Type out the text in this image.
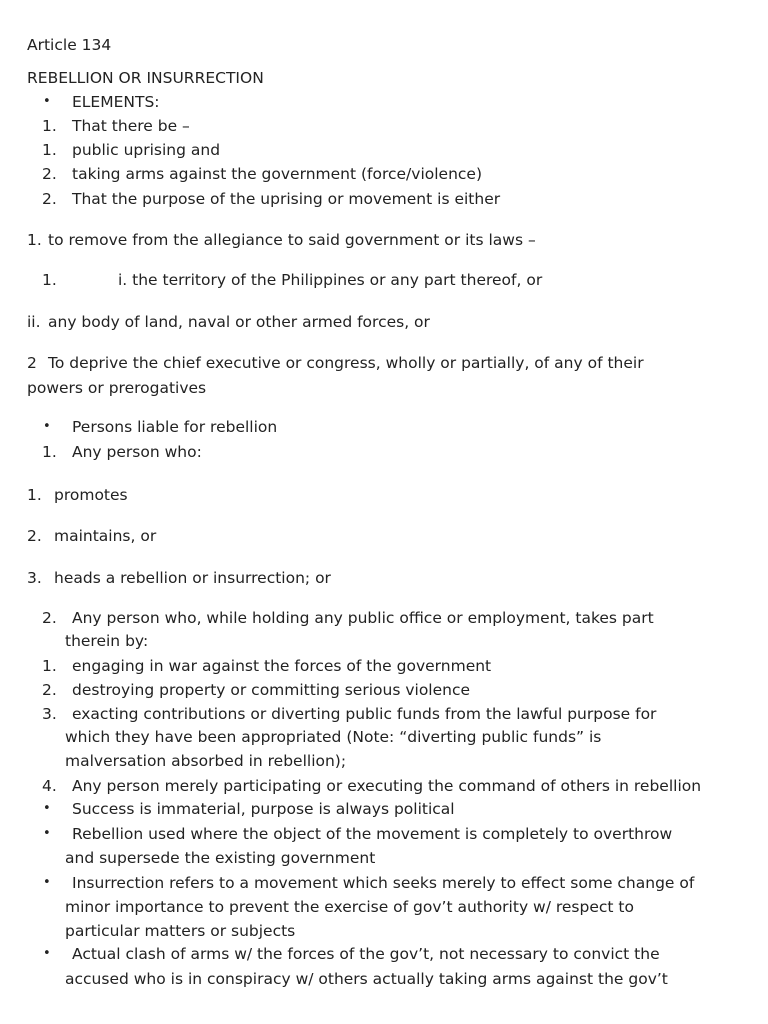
Article 134
REBELLION OR INSURRECTION
• ELEMENTS:
1. That there be –
1. public uprising and
2. taking arms against the government (force/violence)
2. That the purpose of the uprising or movement is either
1. to remove from the allegiance to said government or its laws –
1.	i. the territory of the Philippines or any part thereof, or
ii. any body of land, naval or other armed forces, or
2 To deprive the chief executive or congress, wholly or partially, of any of their
powers or prerogatives
• Persons liable for rebellion
1. Any person who:
1. promotes
2. maintains, or
3. heads a rebellion or insurrection; or
2. Any person who, while holding any public office or employment, takes part
therein by:
1. engaging in war against the forces of the government
2. destroying property or committing serious violence
3. exacting contributions or diverting public funds from the lawful purpose for
which they have been appropriated (Note: “diverting public funds” is
malversation absorbed in rebellion);
4. Any person merely participating or executing the command of others in rebellion
• Success is immaterial, purpose is always political
• Rebellion used where the object of the movement is completely to overthrow
and supersede the existing government
• Insurrection refers to a movement which seeks merely to effect some change of
minor importance to prevent the exercise of gov’t authority w/ respect to
particular matters or subjects
• Actual clash of arms w/ the forces of the gov’t, not necessary to convict the
accused who is in conspiracy w/ others actually taking arms against the gov’t
